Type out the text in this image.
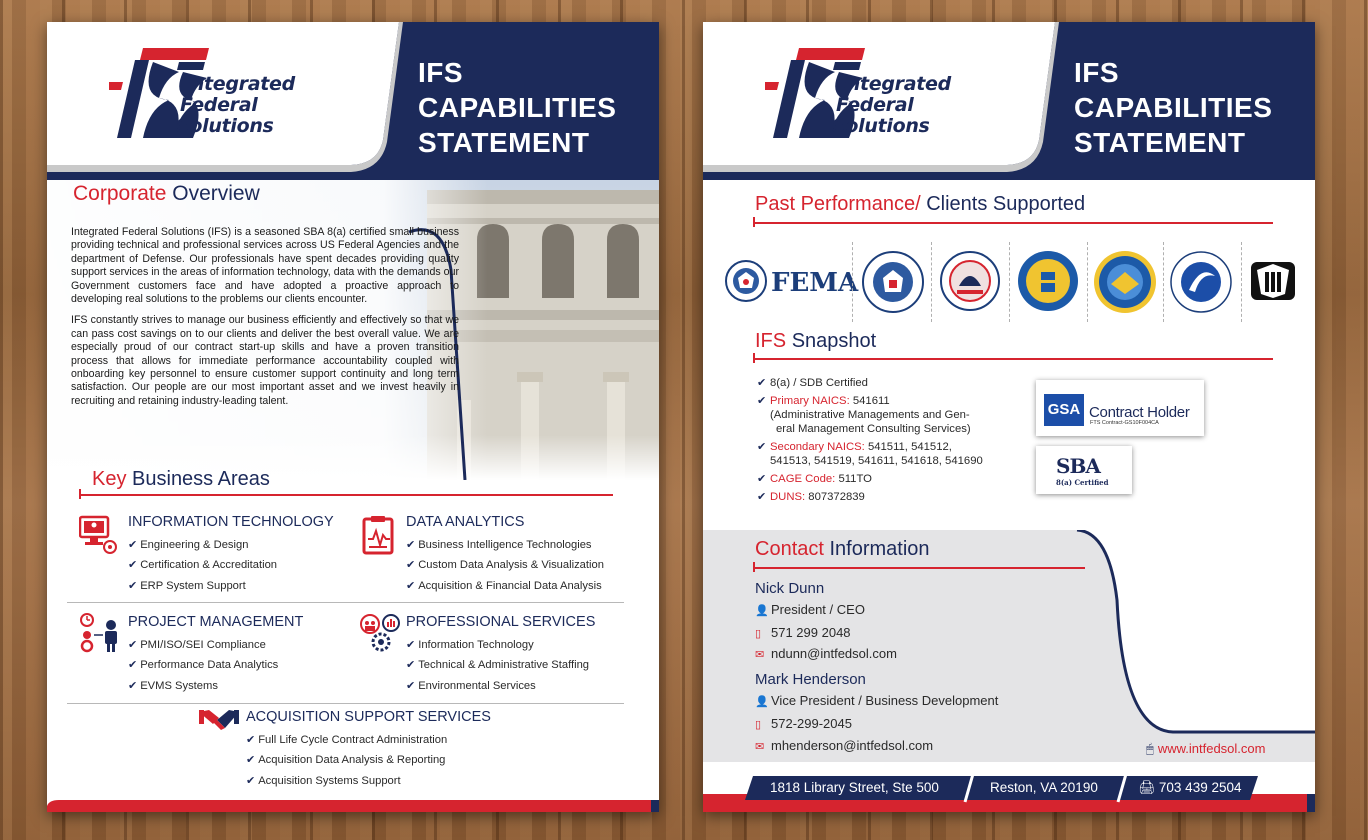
Integrated
Federal
Solutions
IFS
CAPABILITIES
STATEMENT
Corporate Overview

Integrated Federal Solutions (IFS) is a seasoned SBA 8(a) certified small business providing technical and professional services across US Federal Agencies and the department of Defense. Our professionals have spent decades providing quality support services in the areas of information technology, data with the demands our Government customers face and have adopted a proactive approach to developing real solutions to the problems our clients encounter.

IFS constantly strives to manage our business efficiently and effectively so that we can pass cost savings on to our clients and deliver the best overall value. We are especially proud of our contract start-up skills and have a proven transition process that allows for immediate performance accountability coupled with onboarding key personnel to ensure customer support continuity and long term satisfaction. Our people are our most important asset and we invest heavily in recruiting and retaining industry-leading talent.

Key Business Areas
INFORMATION TECHNOLOGY
✔ Engineering & Design
✔ Certification & Accreditation
✔ ERP System Support
DATA ANALYTICS
✔ Business Intelligence Technologies
✔ Custom Data Analysis & Visualization
✔ Acquisition & Financial Data Analysis
PROJECT MANAGEMENT
✔ PMI/ISO/SEI Compliance
✔ Performance Data Analytics
✔ EVMS Systems
PROFESSIONAL SERVICES
✔ Information Technology
✔ Technical & Administrative Staffing
✔ Environmental Services
ACQUISITION SUPPORT SERVICES
✔ Full Life Cycle Contract Administration
✔ Acquisition Data Analysis & Reporting
✔ Acquisition Systems Support
Integrated
Federal
Solutions
IFS
CAPABILITIES
STATEMENT
Past Performance/ Clients Supported
FEMA
IFS Snapshot
✔ 8(a) / SDB Certified
✔ Primary NAICS: 541611
(Administrative Managements and Gen-
eral Management Consulting Services)
✔ Secondary NAICS: 541511, 541512,
541513, 541519, 541611, 541618, 541690
✔ CAGE Code: 511TO
✔ DUNS: 807372839
GSA Contract Holder
FTS Contract-GS10F004CA
SBA
8(a) Certified
Contact Information
Nick Dunn
👤 President / CEO
▯ 571 299 2048
✉ ndunn@intfedsol.com
Mark Henderson
👤 Vice President / Business Development
▯ 572-299-2045
✉ mhenderson@intfedsol.com	🖱 www.intfedsol.com
1818 Library Street, Ste 500	Reston, VA 20190	🖨 703 439 2504
